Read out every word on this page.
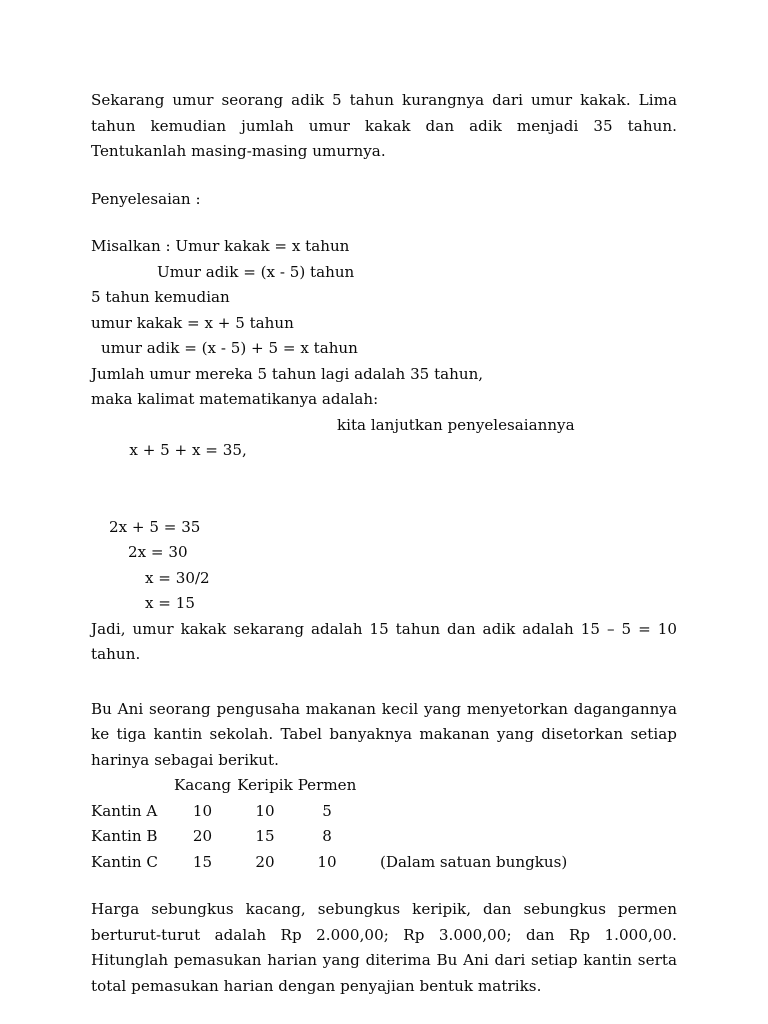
Sekarang umur seorang adik 5 tahun kurangnya dari umur kakak. Lima tahun kemudian jumlah umur kakak dan adik menjadi 35 tahun. Tentukanlah masing-masing umurnya.

Penyelesaian :
Misalkan : Umur kakak = x tahun
Umur adik = (x - 5) tahun
5 tahun kemudian
umur kakak = x + 5 tahun
umur adik = (x - 5) + 5 = x tahun
Jumlah umur mereka 5 tahun lagi adalah 35 tahun,
maka kalimat matematikanya adalah:

x + 5 + x = 35,

kita lanjutkan penyelesaiannya

2x + 5 = 35
2x = 30
x = 30/2
x = 15

Jadi, umur kakak sekarang adalah 15 tahun dan adik adalah 15 – 5 = 10 tahun.

Bu Ani seorang pengusaha makanan kecil yang menyetorkan dagangannya ke tiga kantin sekolah. Tabel banyaknya makanan yang disetorkan setiap harinya sebagai berikut.

	Kacang	Keripik	Permen	
Kantin A	10	10	5	
Kantin B	20	15	8	
Kantin C	15	20	10	(Dalam satuan bungkus)

Harga sebungkus kacang, sebungkus keripik, dan sebungkus permen berturut-turut adalah Rp 2.000,00; Rp 3.000,00; dan Rp 1.000,00. Hitunglah pemasukan harian yang diterima Bu Ani dari setiap kantin serta total pemasukan harian dengan penyajian bentuk matriks.
